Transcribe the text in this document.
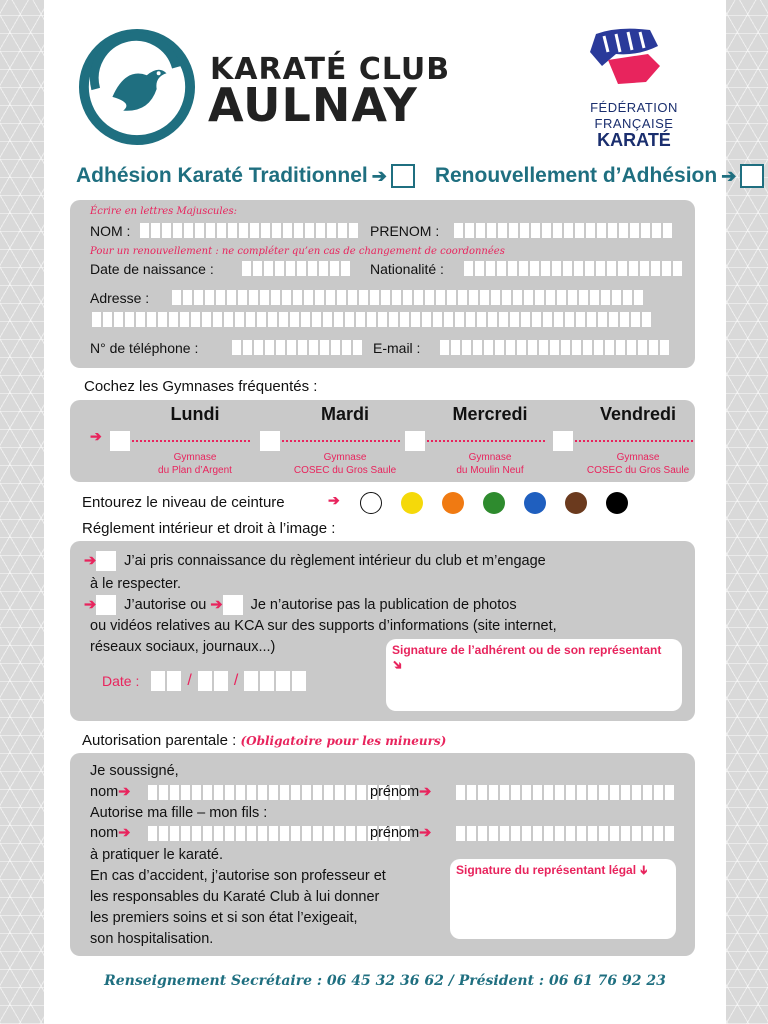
KARATÉ CLUB
AULNAY	FÉDÉRATION
FRANÇAISE
KARATÉ
Adhésion Karaté Traditionnel ➔ Renouvellement d’Adhésion ➔
Écrire en lettres Majuscules:
NOM :	PRENOM :
Pour un renouvellement : ne compléter qu’en cas de changement de coordonnées
Date de naissance :	Nationalité :
Adresse :
N° de téléphone :	E-mail :
Cochez les Gymnases fréquentés :
➔
Lundi
Gymnase
du Plan d’Argent
Mardi
Gymnase
COSEC du Gros Saule
Mercredi
Gymnase
du Moulin Neuf
Vendredi
Gymnase
COSEC du Gros Saule
Entourez le niveau de ceinture	➔
Réglement intérieur et droit à l’image :
➔ J’ai pris connaissance du règlement intérieur du club et m’engage
à le respecter.
➔ J’autorise ou ➔ Je n’autorise pas la publication de photos
ou vidéos relatives au KCA sur des supports d’informations (site internet,
réseaux sociaux, journaux...)
Date :	/	/
Signature de l’adhérent ou de son représentant
➔
Autorisation parentale : (Obligatoire pour les mineurs)
Je soussigné,
nom➔	prénom➔
Autorise ma fille – mon fils :
nom➔	prénom➔
à pratiquer le karaté.
En cas d’accident, j’autorise son professeur et
les responsables du Karaté Club à lui donner
les premiers soins et si son état l’exigeait,
son hospitalisation.
Signature du représentant légal ➔
Renseignement Secrétaire : 06 45 32 36 62 / Président : 06 61 76 92 23
